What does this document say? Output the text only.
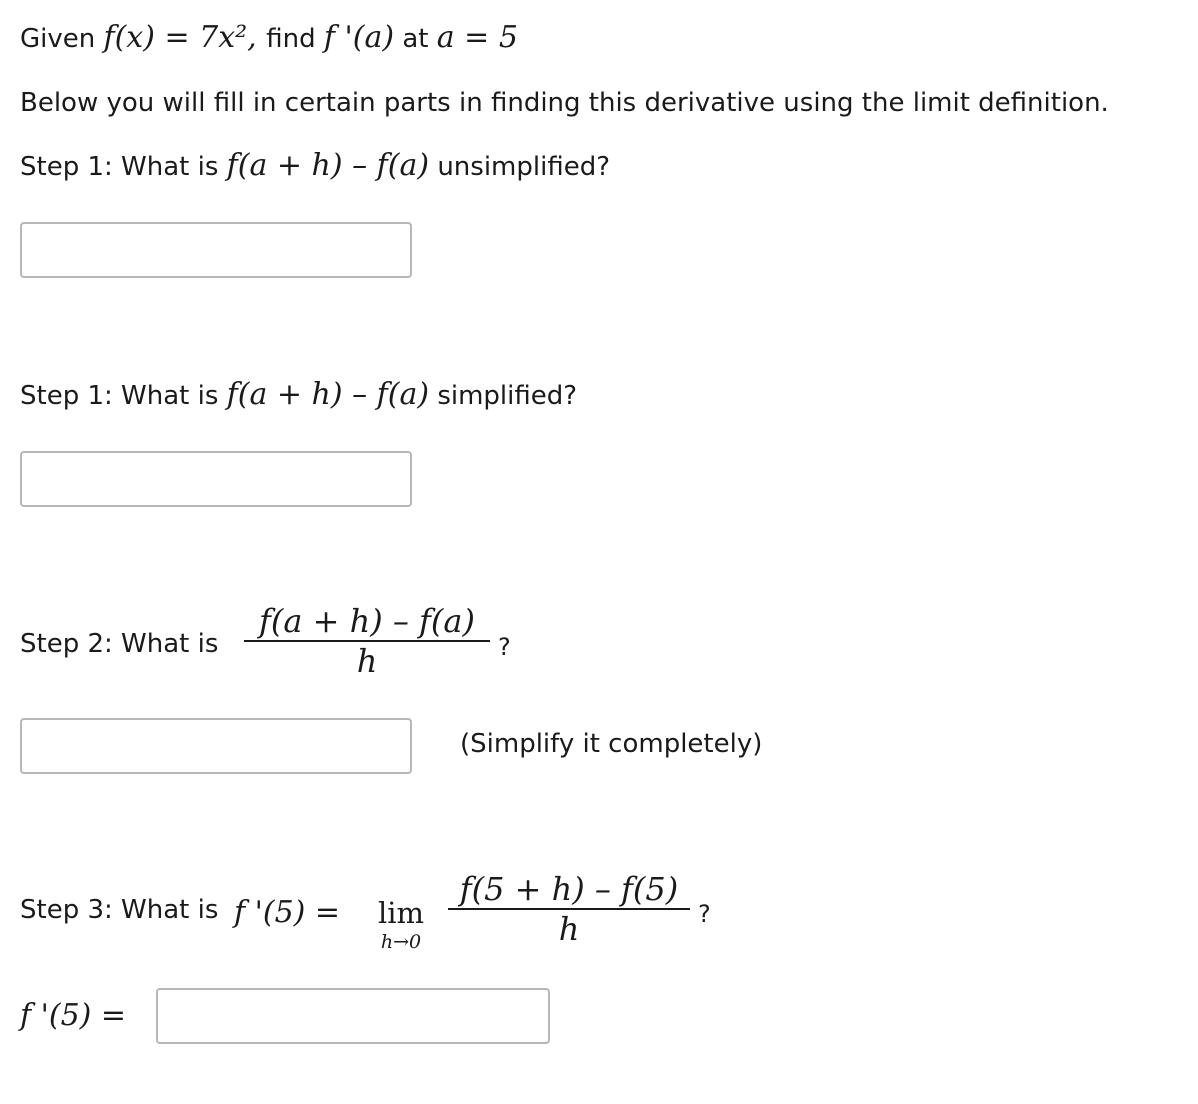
Given f(x) = 7x², find f '(a) at a = 5
Below you will fill in certain parts in finding this derivative using the limit definition.
Step 1: What is f(a + h) – f(a) unsimplified?
Step 1: What is f(a + h) – f(a) simplified?
Step 2: What is
f(a + h) – f(a)
h	?
(Simplify it completely)
Step 3: What is f '(5) =	lim
h→0
f(5 + h) – f(5)
h	?
f '(5) =
